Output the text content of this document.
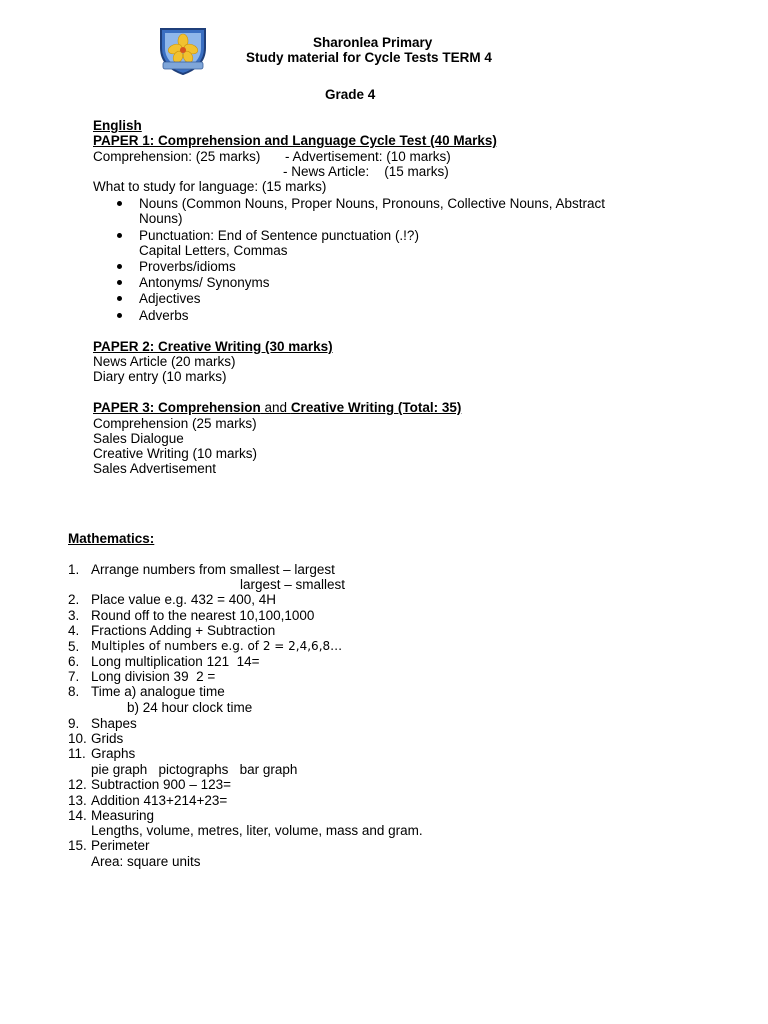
Sharonlea Primary
Study material for Cycle Tests TERM 4
Grade 4
English
PAPER 1: Comprehension and Language Cycle Test (40 Marks)
Comprehension: (25 marks) - Advertisement: (10 marks)
- News Article:    (15 marks)
What to study for language: (15 marks)
Nouns (Common Nouns, Proper Nouns, Pronouns, Collective Nouns, Abstract
Nouns)
Punctuation: End of Sentence punctuation (.!?)
Capital Letters, Commas
Proverbs/idioms
Antonyms/ Synonyms
Adjectives
Adverbs
PAPER 2: Creative Writing (30 marks)
News Article (20 marks)
Diary entry (10 marks)
PAPER 3: Comprehension and Creative Writing (Total: 35)
Comprehension (25 marks)
Sales Dialogue
Creative Writing (10 marks)
Sales Advertisement
Mathematics:
1. Arrange numbers from smallest – largest
largest – smallest
2. Place value e.g. 432 = 400, 4H
3. Round off to the nearest 10,100,1000
4. Fractions Adding + Subtraction
5. Multiples of numbers e.g. of 2 = 2,4,6,8…
6. Long multiplication 121  14=
7. Long division 39  2 =
8. Time a) analogue time
b) 24 hour clock time
9. Shapes
10. Grids
11. Graphs
pie graph   pictographs   bar graph
12. Subtraction 900 – 123=
13. Addition 413+214+23=
14. Measuring
Lengths, volume, metres, liter, volume, mass and gram.
15. Perimeter
Area: square units
